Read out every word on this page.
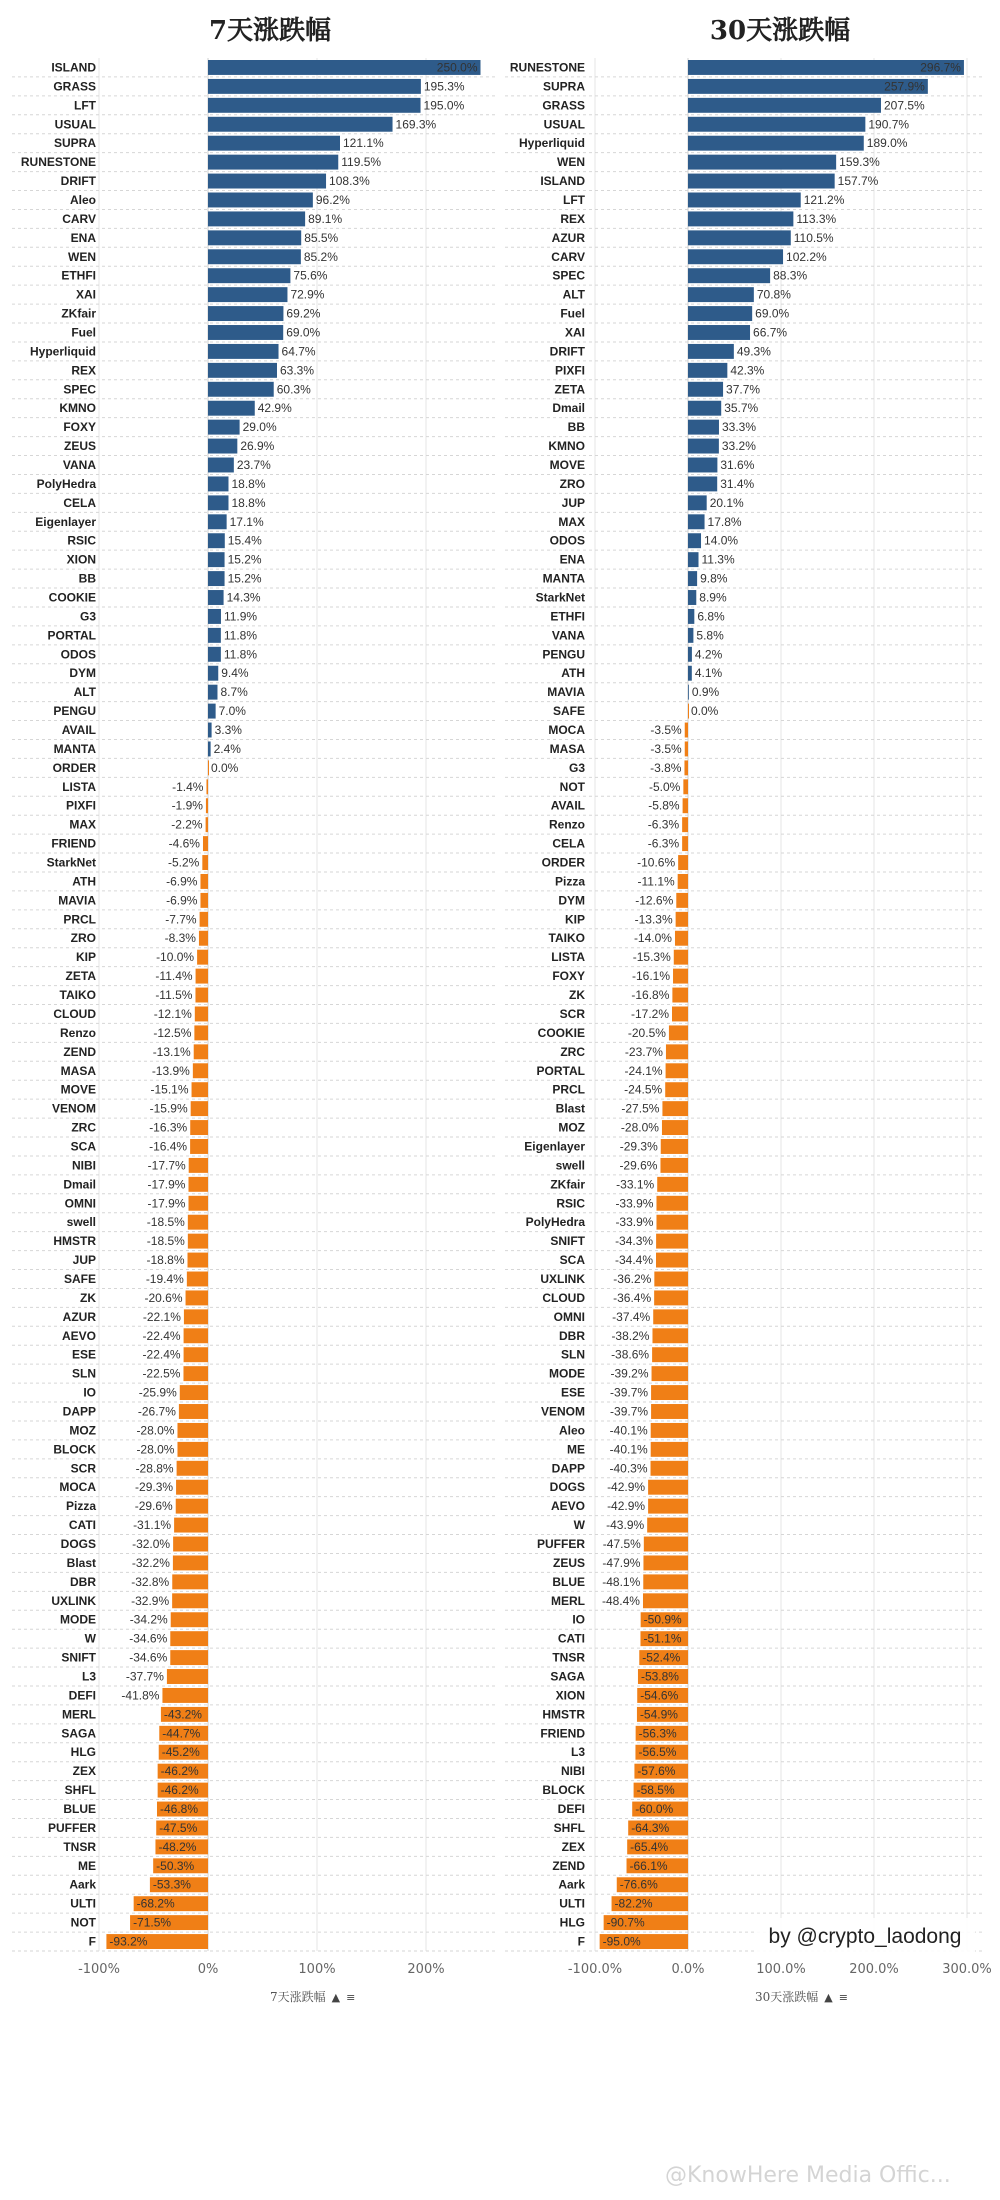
7天涨跌幅	30天涨跌幅
-100%	0%	100%	200%
ISLAND	250.0%
GRASS	195.3%
LFT	195.0%
USUAL	169.3%
SUPRA	121.1%
RUNESTONE	119.5%
DRIFT	108.3%
Aleo	96.2%
CARV	89.1%
ENA	85.5%
WEN	85.2%
ETHFI	75.6%
XAI	72.9%
ZKfair	69.2%
Fuel	69.0%
Hyperliquid	64.7%
REX	63.3%
SPEC	60.3%
KMNO	42.9%
FOXY	29.0%
ZEUS	26.9%
VANA	23.7%
PolyHedra	18.8%
CELA	18.8%
Eigenlayer	17.1%
RSIC	15.4%
XION	15.2%
BB	15.2%
COOKIE	14.3%
G3	11.9%
PORTAL	11.8%
ODOS	11.8%
DYM	9.4%
ALT	8.7%
PENGU	7.0%
AVAIL	3.3%
MANTA	2.4%
ORDER	0.0%
LISTA	-1.4%
PIXFI	-1.9%
MAX	-2.2%
FRIEND	-4.6%
StarkNet	-5.2%
ATH	-6.9%
MAVIA	-6.9%
PRCL	-7.7%
ZRO	-8.3%
KIP	-10.0%
ZETA	-11.4%
TAIKO	-11.5%
CLOUD	-12.1%
Renzo	-12.5%
ZEND	-13.1%
MASA	-13.9%
MOVE	-15.1%
VENOM	-15.9%
ZRC	-16.3%
SCA	-16.4%
NIBI	-17.7%
Dmail	-17.9%
OMNI	-17.9%
swell	-18.5%
HMSTR	-18.5%
JUP	-18.8%
SAFE	-19.4%
ZK	-20.6%
AZUR	-22.1%
AEVO	-22.4%
ESE	-22.4%
SLN	-22.5%
IO	-25.9%
DAPP	-26.7%
MOZ	-28.0%
BLOCK	-28.0%
SCR	-28.8%
MOCA	-29.3%
Pizza	-29.6%
CATI	-31.1%
DOGS	-32.0%
Blast	-32.2%
DBR	-32.8%
UXLINK	-32.9%
MODE	-34.2%
W	-34.6%
SNIFT	-34.6%
L3 -37.7%
DEFI -41.8%
MERL	-43.2%
SAGA	-44.7%
HLG	-45.2%
ZEX	-46.2%
SHFL	-46.2%
BLUE	-46.8%
PUFFER	-47.5%
TNSR	-48.2%
ME	-50.3%
Aark	-53.3%
ULTI	-68.2%
NOT	-71.5%
F -93.2%
-100.0%	0.0%	100.0%	200.0%	300.0%
RUNESTONE	296.7%
SUPRA	257.9%
GRASS	207.5%
USUAL	190.7%
Hyperliquid	189.0%
WEN	159.3%
ISLAND	157.7%
LFT	121.2%
REX	113.3%
AZUR	110.5%
CARV	102.2%
SPEC	88.3%
ALT	70.8%
Fuel	69.0%
XAI	66.7%
DRIFT	49.3%
PIXFI	42.3%
ZETA	37.7%
Dmail	35.7%
BB	33.3%
KMNO	33.2%
MOVE	31.6%
ZRO	31.4%
JUP	20.1%
MAX	17.8%
ODOS	14.0%
ENA	11.3%
MANTA	9.8%
StarkNet	8.9%
ETHFI	6.8%
VANA	5.8%
PENGU	4.2%
ATH	4.1%
MAVIA	0.9%
SAFE	0.0%
MOCA	-3.5%
MASA	-3.5%
G3	-3.8%
NOT	-5.0%
AVAIL	-5.8%
Renzo	-6.3%
CELA	-6.3%
ORDER	-10.6%
Pizza	-11.1%
DYM	-12.6%
KIP	-13.3%
TAIKO	-14.0%
LISTA	-15.3%
FOXY	-16.1%
ZK	-16.8%
SCR	-17.2%
COOKIE	-20.5%
ZRC	-23.7%
PORTAL	-24.1%
PRCL	-24.5%
Blast	-27.5%
MOZ	-28.0%
Eigenlayer	-29.3%
swell	-29.6%
ZKfair	-33.1%
RSIC	-33.9%
PolyHedra	-33.9%
SNIFT	-34.3%
SCA -34.4%
UXLINK -36.2%
CLOUD -36.4%
OMNI -37.4%
DBR -38.2%
SLN -38.6%
MODE -39.2%
ESE -39.7%
VENOM -39.7%
Aleo -40.1%
ME -40.1%
DAPP -40.3%
DOGS -42.9%
AEVO -42.9%
W -43.9%
PUFFER -47.5%
ZEUS -47.9%
BLUE -48.1%
MERL -48.4%
IO	-50.9%
CATI	-51.1%
TNSR	-52.4%
SAGA	-53.8%
XION	-54.6%
HMSTR	-54.9%
FRIEND	-56.3%
L3	-56.5%
NIBI	-57.6%
BLOCK	-58.5%
DEFI	-60.0%
SHFL	-64.3%
ZEX	-65.4%
ZEND	-66.1%
Aark	-76.6%
ULTI -82.2%
HLG -90.7%
F -95.0%
7天涨跌幅 ▲ ≡	30天涨跌幅 ▲ ≡
by @crypto_laodong
@KnowHere Media Offic...
